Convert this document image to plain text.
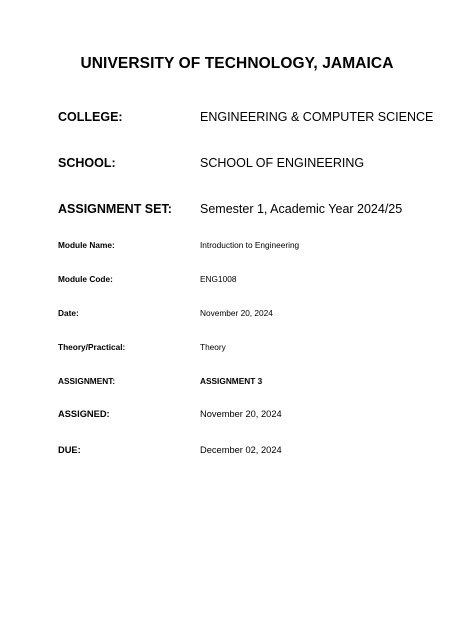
UNIVERSITY OF TECHNOLOGY, JAMAICA
COLLEGE:	ENGINEERING & COMPUTER SCIENCE
SCHOOL:	SCHOOL OF ENGINEERING
ASSIGNMENT SET: Semester 1, Academic Year 2024/25
Module Name:	Introduction to Engineering
Module Code:	ENG1008
Date:	November 20, 2024
Theory/Practical:	Theory
ASSIGNMENT:	ASSIGNMENT 3
ASSIGNED:	November 20, 2024
DUE:	December 02, 2024
